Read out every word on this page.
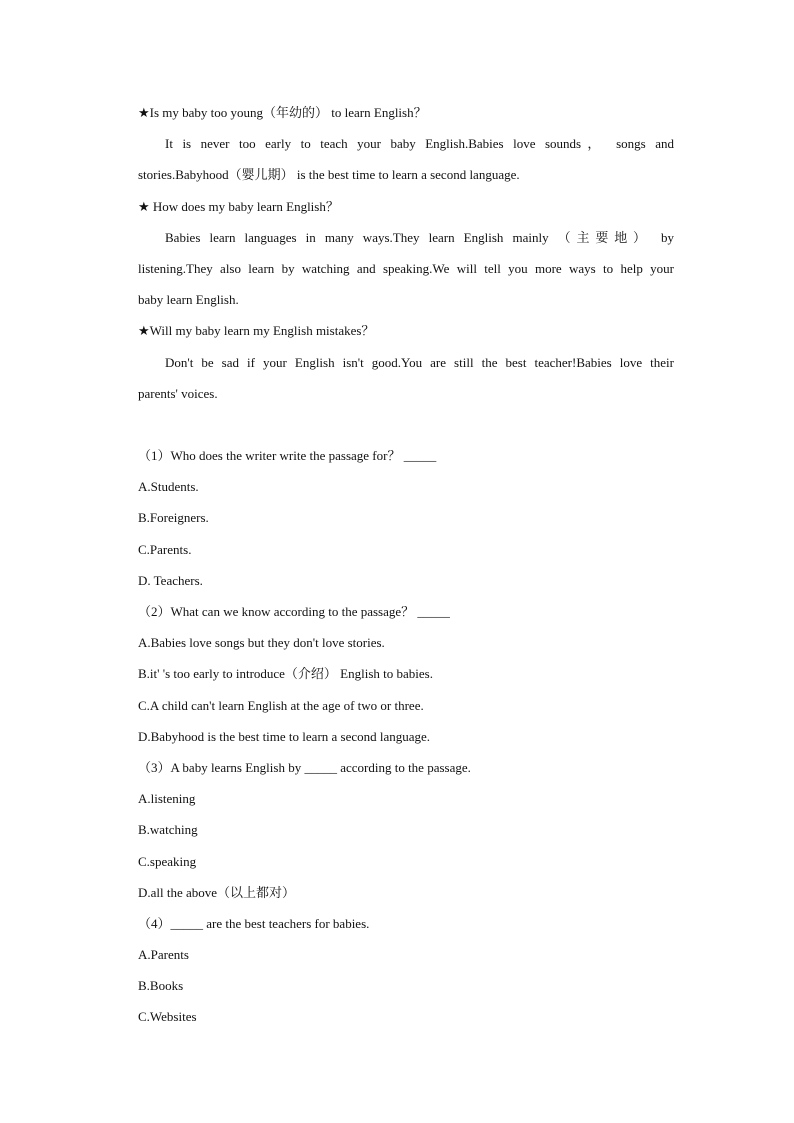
★Is my baby too young（年幼的） to learn English？
It is never too early to teach your baby English.Babies love sounds， songs and
stories.Babyhood（婴儿期） is the best time to learn a second language.
★ How does my baby learn English？
Babies learn languages in many ways.They learn English mainly （主要地） by
listening.They also learn by watching and speaking.We will tell you more ways to help your
baby learn English.
★Will my baby learn my English mistakes？
Don't be sad if your English isn't good.You are still the best teacher!Babies love their
parents' voices.
（1）Who does the writer write the passage for？ _____
A.Students.
B.Foreigners.
C.Parents.
D. Teachers.
（2）What can we know according to the passage？ _____
A.Babies love songs but they don't love stories.
B.it' 's too early to introduce（介绍） English to babies.
C.A child can't learn English at the age of two or three.
D.Babyhood is the best time to learn a second language.
（3）A baby learns English by _____ according to the passage.
A.listening
B.watching
C.speaking
D.all the above（以上都对）
（4）_____ are the best teachers for babies.
A.Parents
B.Books
C.Websites
